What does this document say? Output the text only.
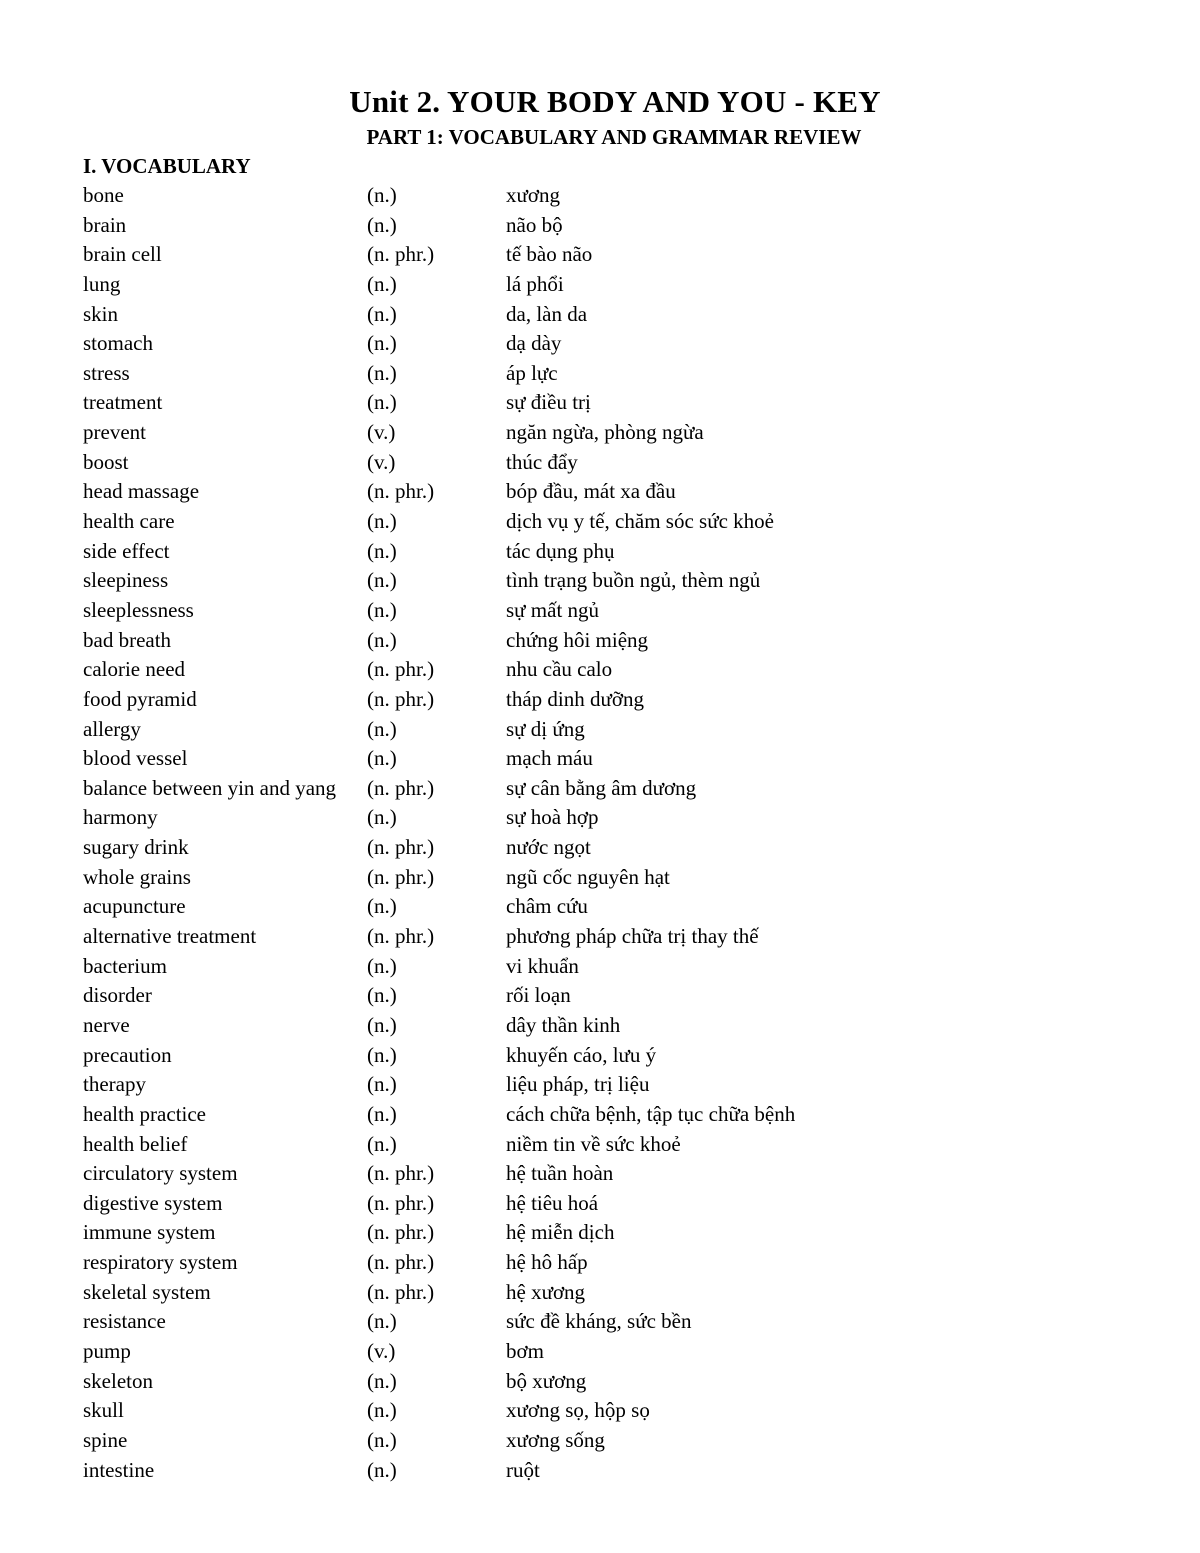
Unit 2. YOUR BODY AND YOU - KEY
PART 1: VOCABULARY AND GRAMMAR REVIEW
I. VOCABULARY
bone	(n.)	xương
brain	(n.)	não bộ
brain cell	(n. phr.)	tế bào não
lung	(n.)	lá phổi
skin	(n.)	da, làn da
stomach	(n.)	dạ dày
stress	(n.)	áp lực
treatment	(n.)	sự điều trị
prevent	(v.)	ngăn ngừa, phòng ngừa
boost	(v.)	thúc đẩy
head massage	(n. phr.)	bóp đầu, mát xa đầu
health care	(n.)	dịch vụ y tế, chăm sóc sức khoẻ
side effect	(n.)	tác dụng phụ
sleepiness	(n.)	tình trạng buồn ngủ, thèm ngủ
sleeplessness	(n.)	sự mất ngủ
bad breath	(n.)	chứng hôi miệng
calorie need	(n. phr.)	nhu cầu calo
food pyramid	(n. phr.)	tháp dinh dưỡng
allergy	(n.)	sự dị ứng
blood vessel	(n.)	mạch máu
balance between yin and yang (n. phr.)	sự cân bằng âm dương
harmony	(n.)	sự hoà hợp
sugary drink	(n. phr.)	nước ngọt
whole grains	(n. phr.)	ngũ cốc nguyên hạt
acupuncture	(n.)	châm cứu
alternative treatment	(n. phr.)	phương pháp chữa trị thay thế
bacterium	(n.)	vi khuẩn
disorder	(n.)	rối loạn
nerve	(n.)	dây thần kinh
precaution	(n.)	khuyến cáo, lưu ý
therapy	(n.)	liệu pháp, trị liệu
health practice	(n.)	cách chữa bệnh, tập tục chữa bệnh
health belief	(n.)	niềm tin về sức khoẻ
circulatory system	(n. phr.)	hệ tuần hoàn
digestive system	(n. phr.)	hệ tiêu hoá
immune system	(n. phr.)	hệ miễn dịch
respiratory system	(n. phr.)	hệ hô hấp
skeletal system	(n. phr.)	hệ xương
resistance	(n.)	sức đề kháng, sức bền
pump	(v.)	bơm
skeleton	(n.)	bộ xương
skull	(n.)	xương sọ, hộp sọ
spine	(n.)	xương sống
intestine	(n.)	ruột
